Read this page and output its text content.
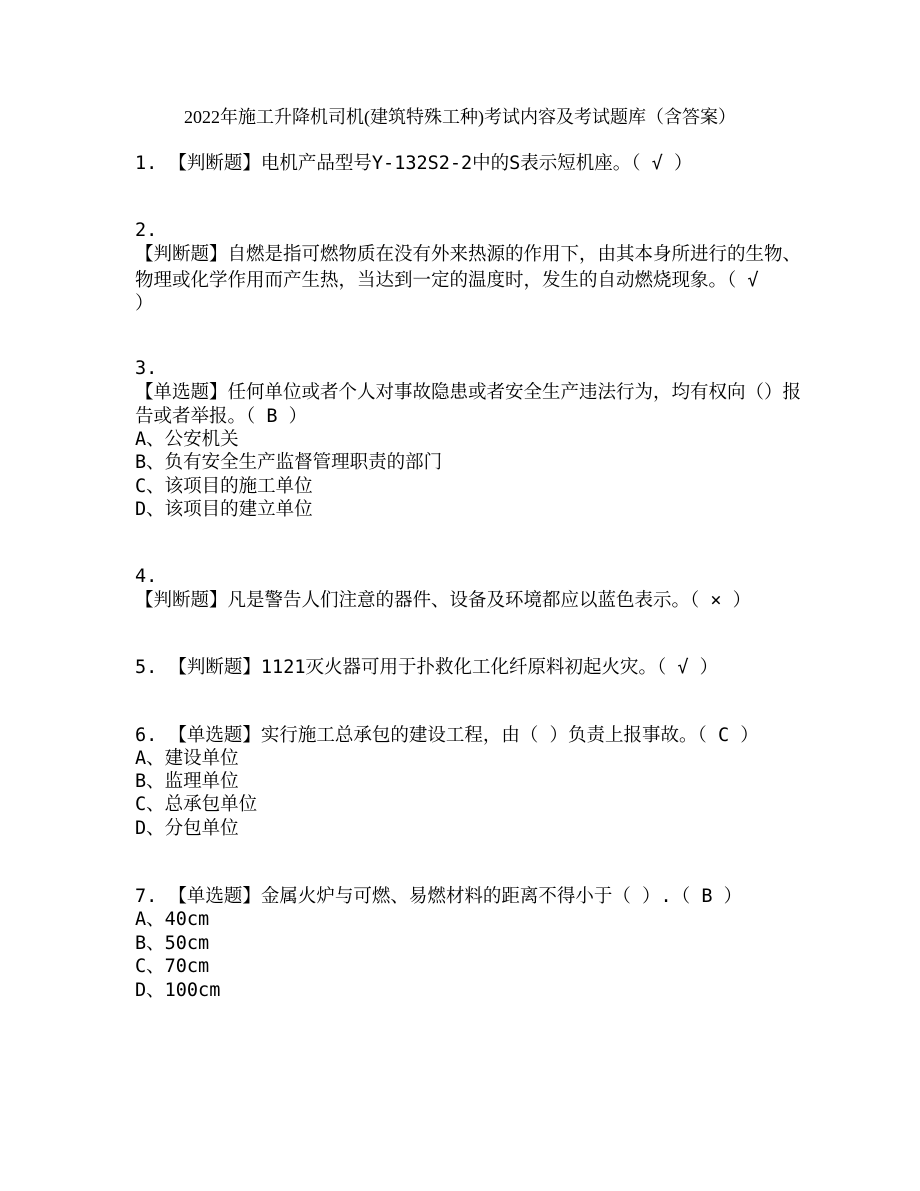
2022年施工升降机司机(建筑特殊工种)考试内容及考试题库（含答案）
1. 【判断题】电机产品型号Y-132S2-2中的S表示短机座。（ √ ）
2.
【判断题】自燃是指可燃物质在没有外来热源的作用下，由其本身所进行的生物、
物理或化学作用而产生热，当达到一定的温度时，发生的自动燃烧现象。（ √
）
3.
【单选题】任何单位或者个人对事故隐患或者安全生产违法行为，均有权向（）报
告或者举报。（ B ）
A、公安机关
B、负有安全生产监督管理职责的部门
C、该项目的施工单位
D、该项目的建立单位
4.
【判断题】凡是警告人们注意的器件、设备及环境都应以蓝色表示。（ × ）
5. 【判断题】1121灭火器可用于扑救化工化纤原料初起火灾。（ √ ）
6. 【单选题】实行施工总承包的建设工程，由（ ）负责上报事故。（ C ）
A、建设单位
B、监理单位
C、总承包单位
D、分包单位
7. 【单选题】金属火炉与可燃、易燃材料的距离不得小于（ ）.（ B ）
A、40cm
B、50cm
C、70cm
D、100cm
